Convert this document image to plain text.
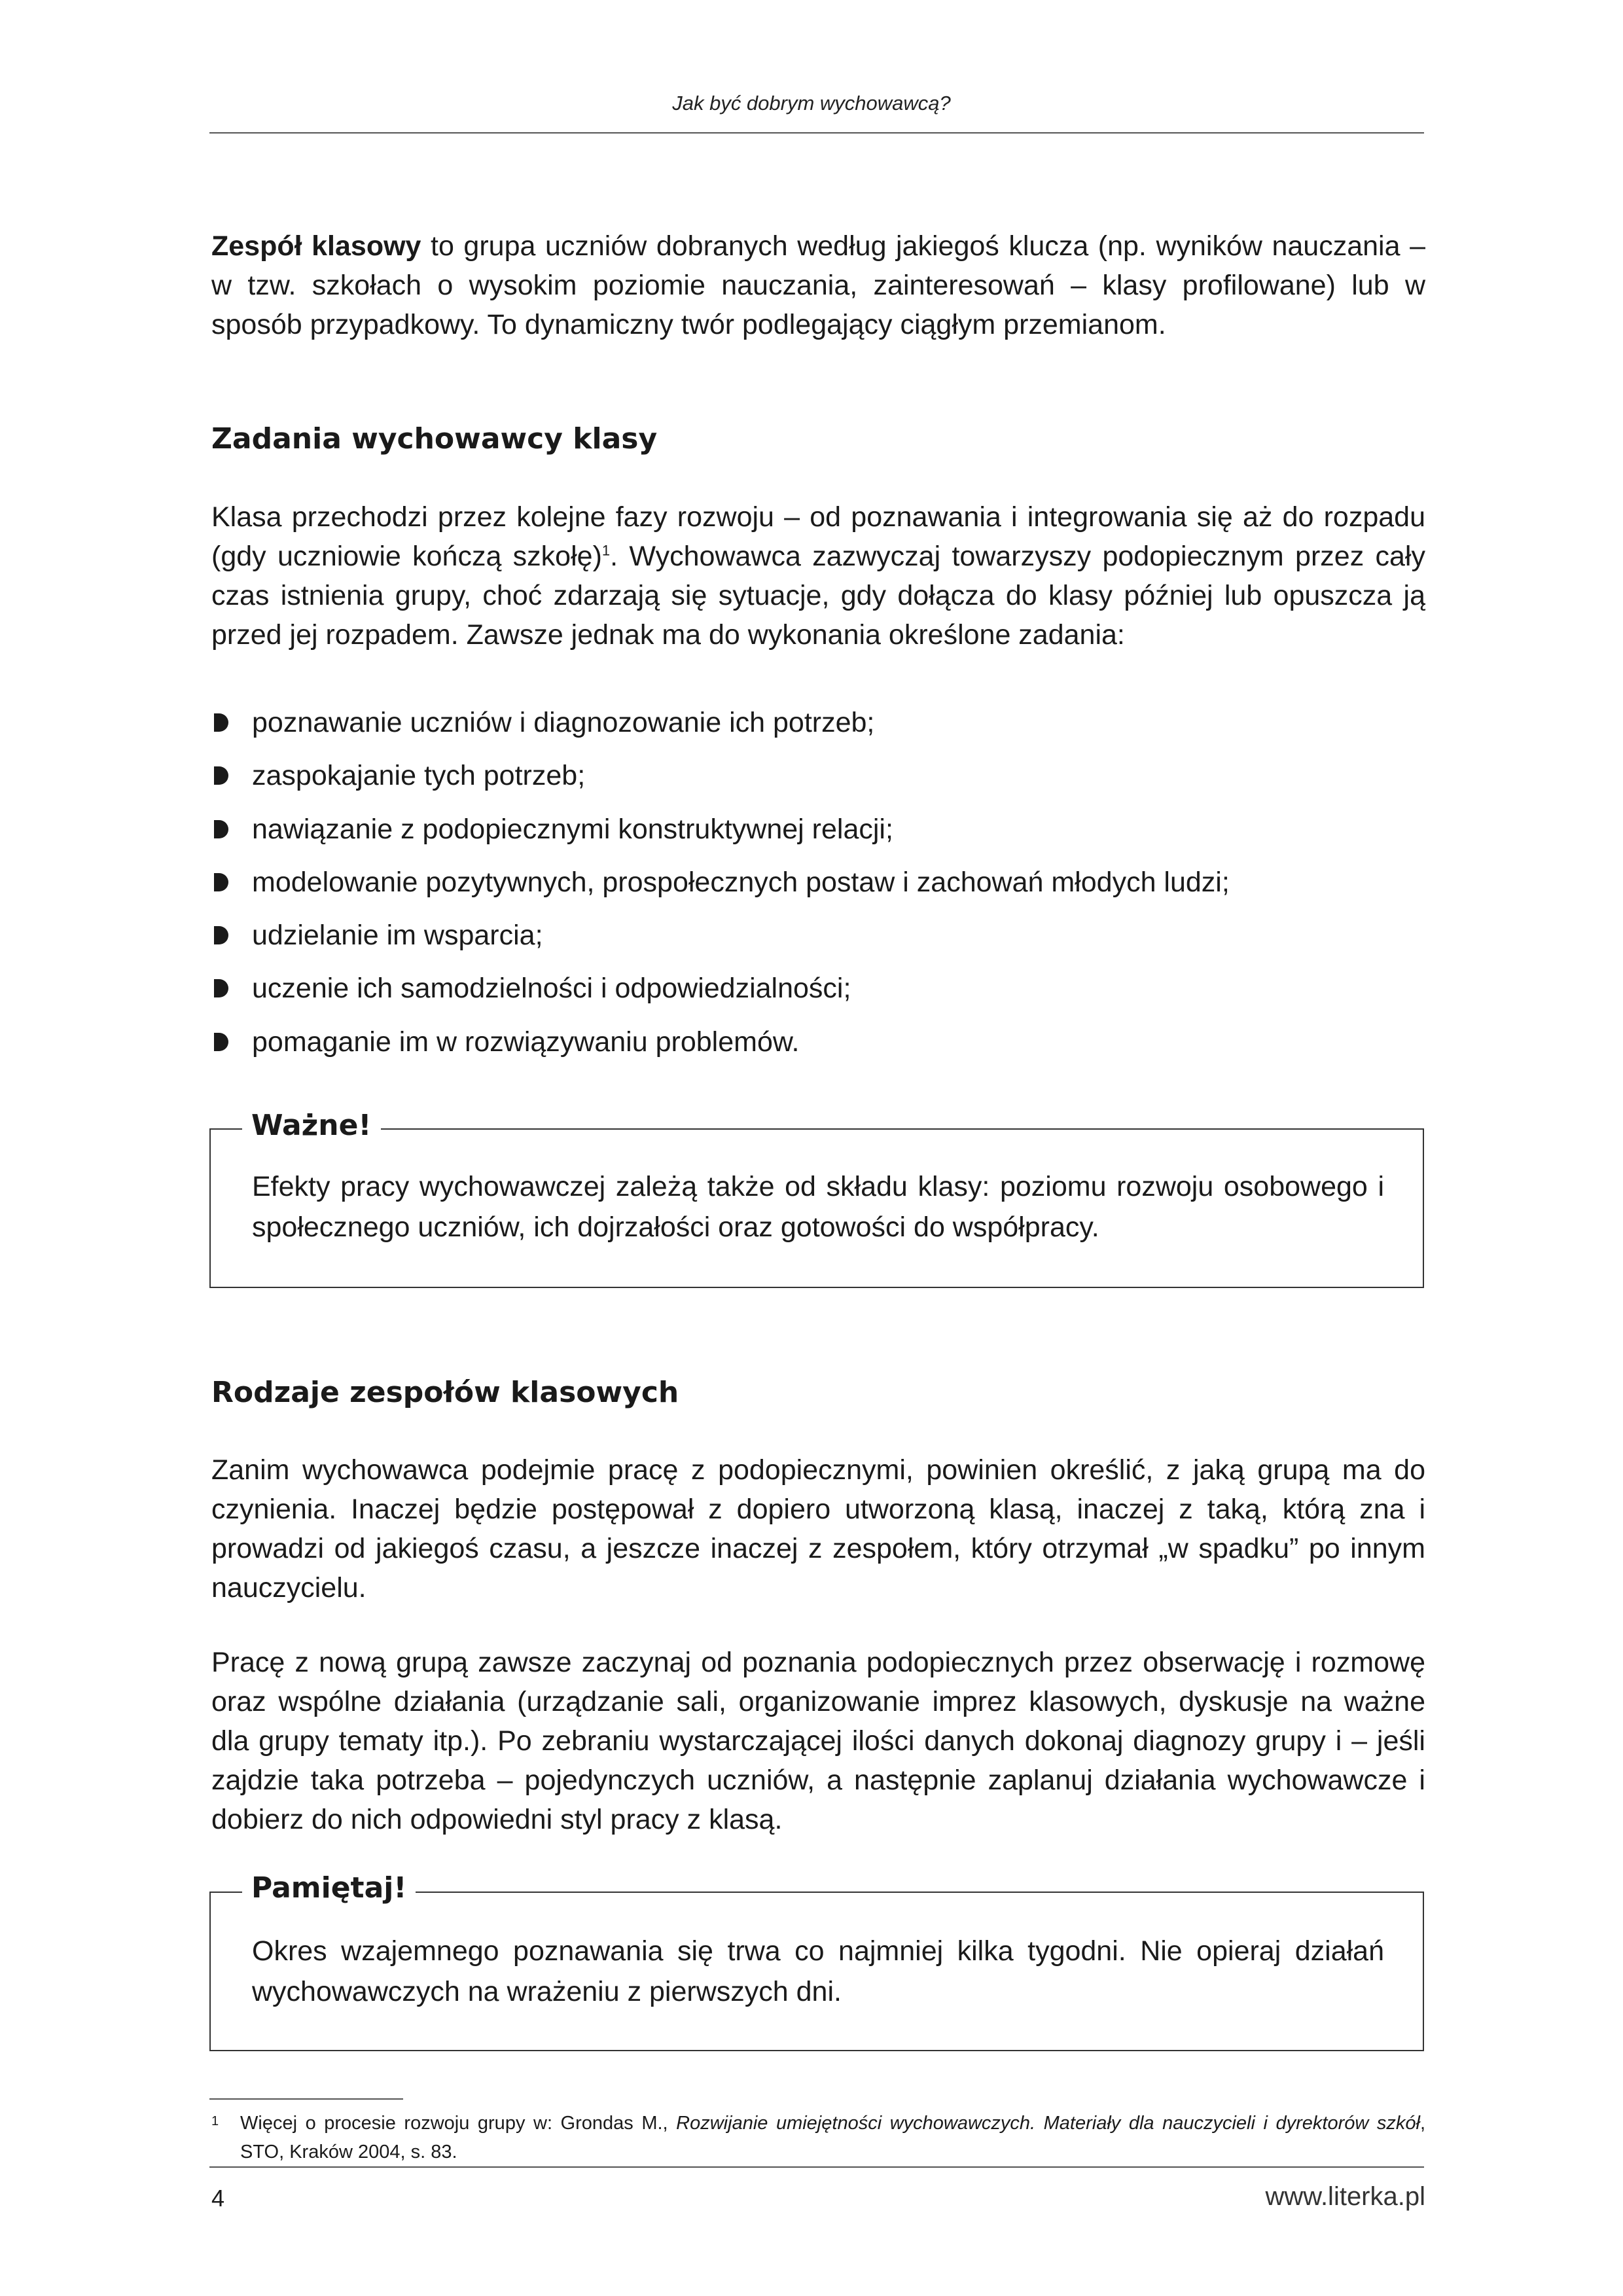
Jak być dobrym wychowawcą?

Zespół klasowy to grupa uczniów dobranych według jakiegoś klucza (np. wyników nauczania – w tzw. szkołach o wysokim poziomie nauczania, zainteresowań – klasy profilowane) lub w sposób przypadkowy. To dynamiczny twór podlegający ciągłym przemianom.

Zadania wychowawcy klasy

Klasa przechodzi przez kolejne fazy rozwoju – od poznawania i integrowania się aż do rozpadu (gdy uczniowie kończą szkołę)$^1$. Wychowawca zazwyczaj towarzyszy podopiecznym przez cały czas istnienia grupy, choć zdarzają się sytuacje, gdy dołącza do klasy później lub opuszcza ją przed jej rozpadem. Zawsze jednak ma do wykonania określone zadania:

poznawanie uczniów i diagnozowanie ich potrzeb;
zaspokajanie tych potrzeb;
nawiązanie z podopiecznymi konstruktywnej relacji;
modelowanie pozytywnych, prospołecznych postaw i zachowań młodych ludzi;
udzielanie im wsparcia;
uczenie ich samodzielności i odpowiedzialności;
pomaganie im w rozwiązywaniu problemów.
Ważne!

Efekty pracy wychowawczej zależą także od składu klasy: poziomu rozwoju osobowego i społecznego uczniów, ich dojrzałości oraz gotowości do współpracy.

Rodzaje zespołów klasowych

Zanim wychowawca podejmie pracę z podopiecznymi, powinien określić, z jaką grupą ma do czynienia. Inaczej będzie postępował z dopiero utworzoną klasą, inaczej z taką, którą zna i prowadzi od jakiegoś czasu, a jeszcze inaczej z zespołem, który otrzymał „w spadku” po innym nauczycielu.

Pracę z nową grupą zawsze zaczynaj od poznania podopiecznych przez obserwację i rozmowę oraz wspólne działania (urządzanie sali, organizowanie imprez klasowych, dyskusje na ważne dla grupy tematy itp.). Po zebraniu wystarczającej ilości danych dokonaj diagnozy grupy i – jeśli zajdzie taka potrzeba – pojedynczych uczniów, a następnie zaplanuj działania wychowawcze i dobierz do nich odpowiedni styl pracy z klasą.

Pamiętaj!

Okres wzajemnego poznawania się trwa co najmniej kilka tygodni. Nie opieraj działań wychowawczych na wrażeniu z pierwszych dni.

1	Więcej o procesie rozwoju grupy w: Grondas M., Rozwijanie umiejętności wychowawczych. Materiały dla nauczycieli i dyrektorów szkół, STO, Kraków 2004, s. 83.
4	www.literka.pl
